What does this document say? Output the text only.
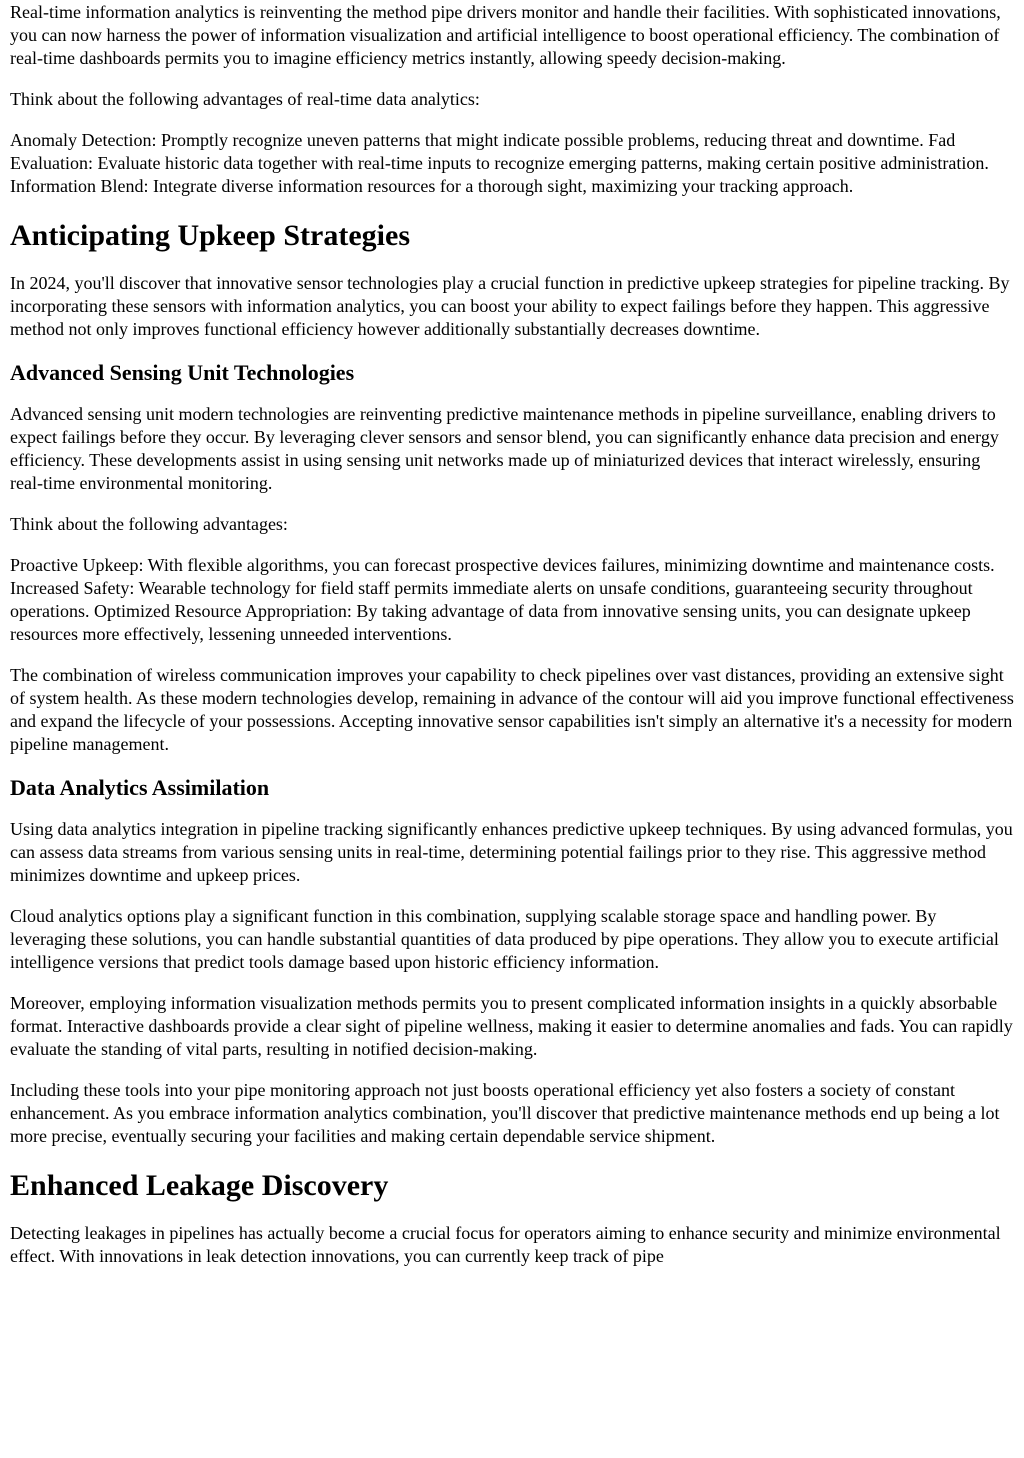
Real-time information analytics is reinventing the method pipe drivers monitor and handle their facilities. With sophisticated innovations, you can now harness the power of information visualization and artificial intelligence to boost operational efficiency. The combination of real-time dashboards permits you to imagine efficiency metrics instantly, allowing speedy decision-making.

Think about the following advantages of real-time data analytics:

Anomaly Detection: Promptly recognize uneven patterns that might indicate possible problems, reducing threat and downtime. Fad Evaluation: Evaluate historic data together with real-time inputs to recognize emerging patterns, making certain positive administration. Information Blend: Integrate diverse information resources for a thorough sight, maximizing your tracking approach.

Anticipating Upkeep Strategies

In 2024, you'll discover that innovative sensor technologies play a crucial function in predictive upkeep strategies for pipeline tracking. By incorporating these sensors with information analytics, you can boost your ability to expect failings before they happen. This aggressive method not only improves functional efficiency however additionally substantially decreases downtime.

Advanced Sensing Unit Technologies

Advanced sensing unit modern technologies are reinventing predictive maintenance methods in pipeline surveillance, enabling drivers to expect failings before they occur. By leveraging clever sensors and sensor blend, you can significantly enhance data precision and energy efficiency. These developments assist in using sensing unit networks made up of miniaturized devices that interact wirelessly, ensuring real-time environmental monitoring.

Think about the following advantages:

Proactive Upkeep: With flexible algorithms, you can forecast prospective devices failures, minimizing downtime and maintenance costs. Increased Safety: Wearable technology for field staff permits immediate alerts on unsafe conditions, guaranteeing security throughout operations. Optimized Resource Appropriation: By taking advantage of data from innovative sensing units, you can designate upkeep resources more effectively, lessening unneeded interventions.

The combination of wireless communication improves your capability to check pipelines over vast distances, providing an extensive sight of system health. As these modern technologies develop, remaining in advance of the contour will aid you improve functional effectiveness and expand the lifecycle of your possessions. Accepting innovative sensor capabilities isn't simply an alternative it's a necessity for modern pipeline management.

Data Analytics Assimilation

Using data analytics integration in pipeline tracking significantly enhances predictive upkeep techniques. By using advanced formulas, you can assess data streams from various sensing units in real-time, determining potential failings prior to they rise. This aggressive method minimizes downtime and upkeep prices.

Cloud analytics options play a significant function in this combination, supplying scalable storage space and handling power. By leveraging these solutions, you can handle substantial quantities of data produced by pipe operations. They allow you to execute artificial intelligence versions that predict tools damage based upon historic efficiency information.

Moreover, employing information visualization methods permits you to present complicated information insights in a quickly absorbable format. Interactive dashboards provide a clear sight of pipeline wellness, making it easier to determine anomalies and fads. You can rapidly evaluate the standing of vital parts, resulting in notified decision-making.

Including these tools into your pipe monitoring approach not just boosts operational efficiency yet also fosters a society of constant enhancement. As you embrace information analytics combination, you'll discover that predictive maintenance methods end up being a lot more precise, eventually securing your facilities and making certain dependable service shipment.

Enhanced Leakage Discovery

Detecting leakages in pipelines has actually become a crucial focus for operators aiming to enhance security and minimize environmental effect. With innovations in leak detection innovations, you can currently keep track of pipe
